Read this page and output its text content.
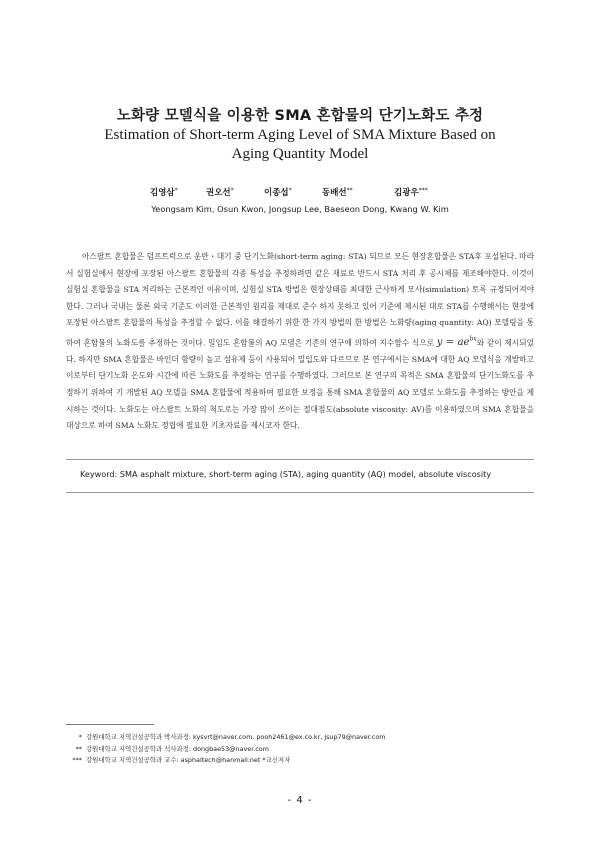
노화량 모델식을 이용한 SMA 혼합물의 단기노화도 추정
Estimation of Short-term Aging Level of SMA Mixture Based on
Aging Quantity Model
김영삼*	권오선*	이종섭*	동배선**	김광우***
Yeongsam Kim, Osun Kwon, Jongsup Lee, Baeseon Dong, Kwang W. Kim

아스팔트 혼합물은 덤프트럭으로 운반・대기 중 단기노화(short-term aging: STA) 되므로 모든 현장혼합물은 STA후 포설된다. 따라서 실험실에서 현장에 포장된 아스팔트 혼합물의 각종 특성을 추정하려면 같은 재료로 반드시 STA 처리 후 공시체를 제조해야한다. 이것이 실험실 혼합물을 STA 처리하는 근본적인 이유이며, 실험실 STA 방법은 현장상태를 최대한 근사하게 모사(simulation) 토록 규정되어져야 한다. 그러나 국내는 물론 외국 기준도 이러한 근본적인 원리를 제대로 준수 하지 못하고 있어 기준에 제시된 대로 STA를 수행해서는 현장에 포장된 아스팔트 혼합물의 특성을 추정할 수 없다. 이를 해결하기 위한 한 가지 방법의 한 방법은 노화량(aging quantity: AQ) 모델링을 통하여 혼합물의 노화도를 추정하는 것이다. 밀입도 혼합물의 AQ 모델은 기존의 연구에 의하여 지수함수 식으로 $y = ae^{bx}$와 같이 제시되었다. 하지만 SMA 혼합물은 바인더 함량이 높고 섬유제 등이 사용되어 밀입도와 다르므로 본 연구에서는 SMA에 대한 AQ 모델식을 개발하고 이로부터 단기노화 온도와 시간에 따른 노화도를 추정하는 연구를 수행하였다. 그러므로 본 연구의 목적은 SMA 혼합물의 단기노화도를 추정하기 위하여 기 개발된 AQ 모델을 SMA 혼합물에 적용하여 필요한 보정을 통해 SMA 혼합물의 AQ 모델로 노화도를 추정하는 방안을 제시하는 것이다. 노화도는 아스팔트 노화의 척도로는 가장 많이 쓰이는 절대점도(absolute viscosity: AV)를 이용하였으며 SMA 혼합물을 대상으로 하여 SMA 노화도 정립에 필요한 기초자료를 제시코자 한다.

Keyword: SMA asphalt mixture, short-term aging (STA), aging quantity (AQ) model, absolute viscosity
* 강원대학교 지역건설공학과 박사과정: kysvrt@naver.com, pooh2461@ex.co.kr, jsup79@naver.com
** 강원대학교 지역건설공학과 석사과정: dongbae53@naver.com
*** 강원대학교 지역건설공학과 교수: asphaltech@hanmail.net *교신저자
- 4 -
